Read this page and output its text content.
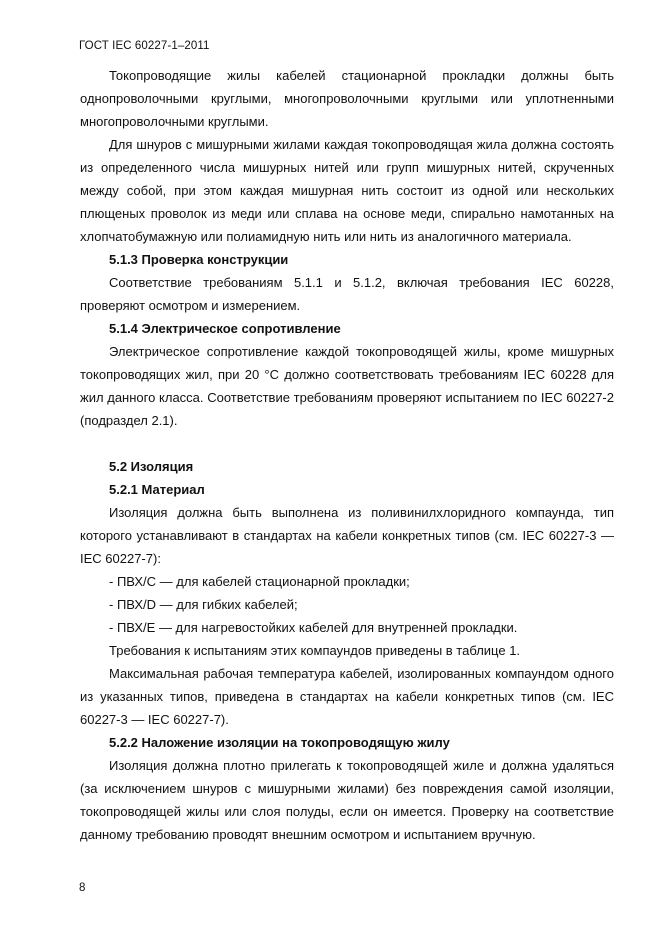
ГОСТ IEC 60227-1–2011

Токопроводящие жилы кабелей стационарной прокладки должны быть однопроволочными круглыми, многопроволочными круглыми или уплотненными многопроволочными круглыми.

Для шнуров с мишурными жилами каждая токопроводящая жила должна состоять из определенного числа мишурных нитей или групп мишурных нитей, скрученных между собой, при этом каждая мишурная нить состоит из одной или нескольких плющеных проволок из меди или сплава на основе меди, спирально намотанных на хлопчатобумажную или полиамидную нить или нить из аналогичного материала.

5.1.3 Проверка конструкции

Соответствие требованиям 5.1.1 и 5.1.2, включая требования IEC 60228, проверяют осмотром и измерением.

5.1.4 Электрическое сопротивление

Электрическое сопротивление каждой токопроводящей жилы, кроме мишурных токопроводящих жил, при 20 °С должно соответствовать требованиям IEC 60228 для жил данного класса. Соответствие требованиям проверяют испытанием по IEC 60227-2 (подраздел 2.1).

5.2 Изоляция

5.2.1 Материал

Изоляция должна быть выполнена из поливинилхлоридного компаунда, тип которого устанавливают в стандартах на кабели конкретных типов (см. IEC 60227-3 — IEC 60227-7):

- ПВХ/С — для кабелей стационарной прокладки;

- ПВХ/D — для гибких кабелей;

- ПВХ/Е — для нагревостойких кабелей для внутренней прокладки.

Требования к испытаниям этих компаундов приведены в таблице 1.

Максимальная рабочая температура кабелей, изолированных компаундом одного из указанных типов, приведена в стандартах на кабели конкретных типов (см. IEC 60227-3 — IEC 60227-7).

5.2.2 Наложение изоляции на токопроводящую жилу

Изоляция должна плотно прилегать к токопроводящей жиле и должна удаляться (за исключением шнуров с мишурными жилами) без повреждения самой изоляции, токопроводящей жилы или слоя полуды, если он имеется. Проверку на соответствие данному требованию проводят внешним осмотром и испытанием вручную.

8
